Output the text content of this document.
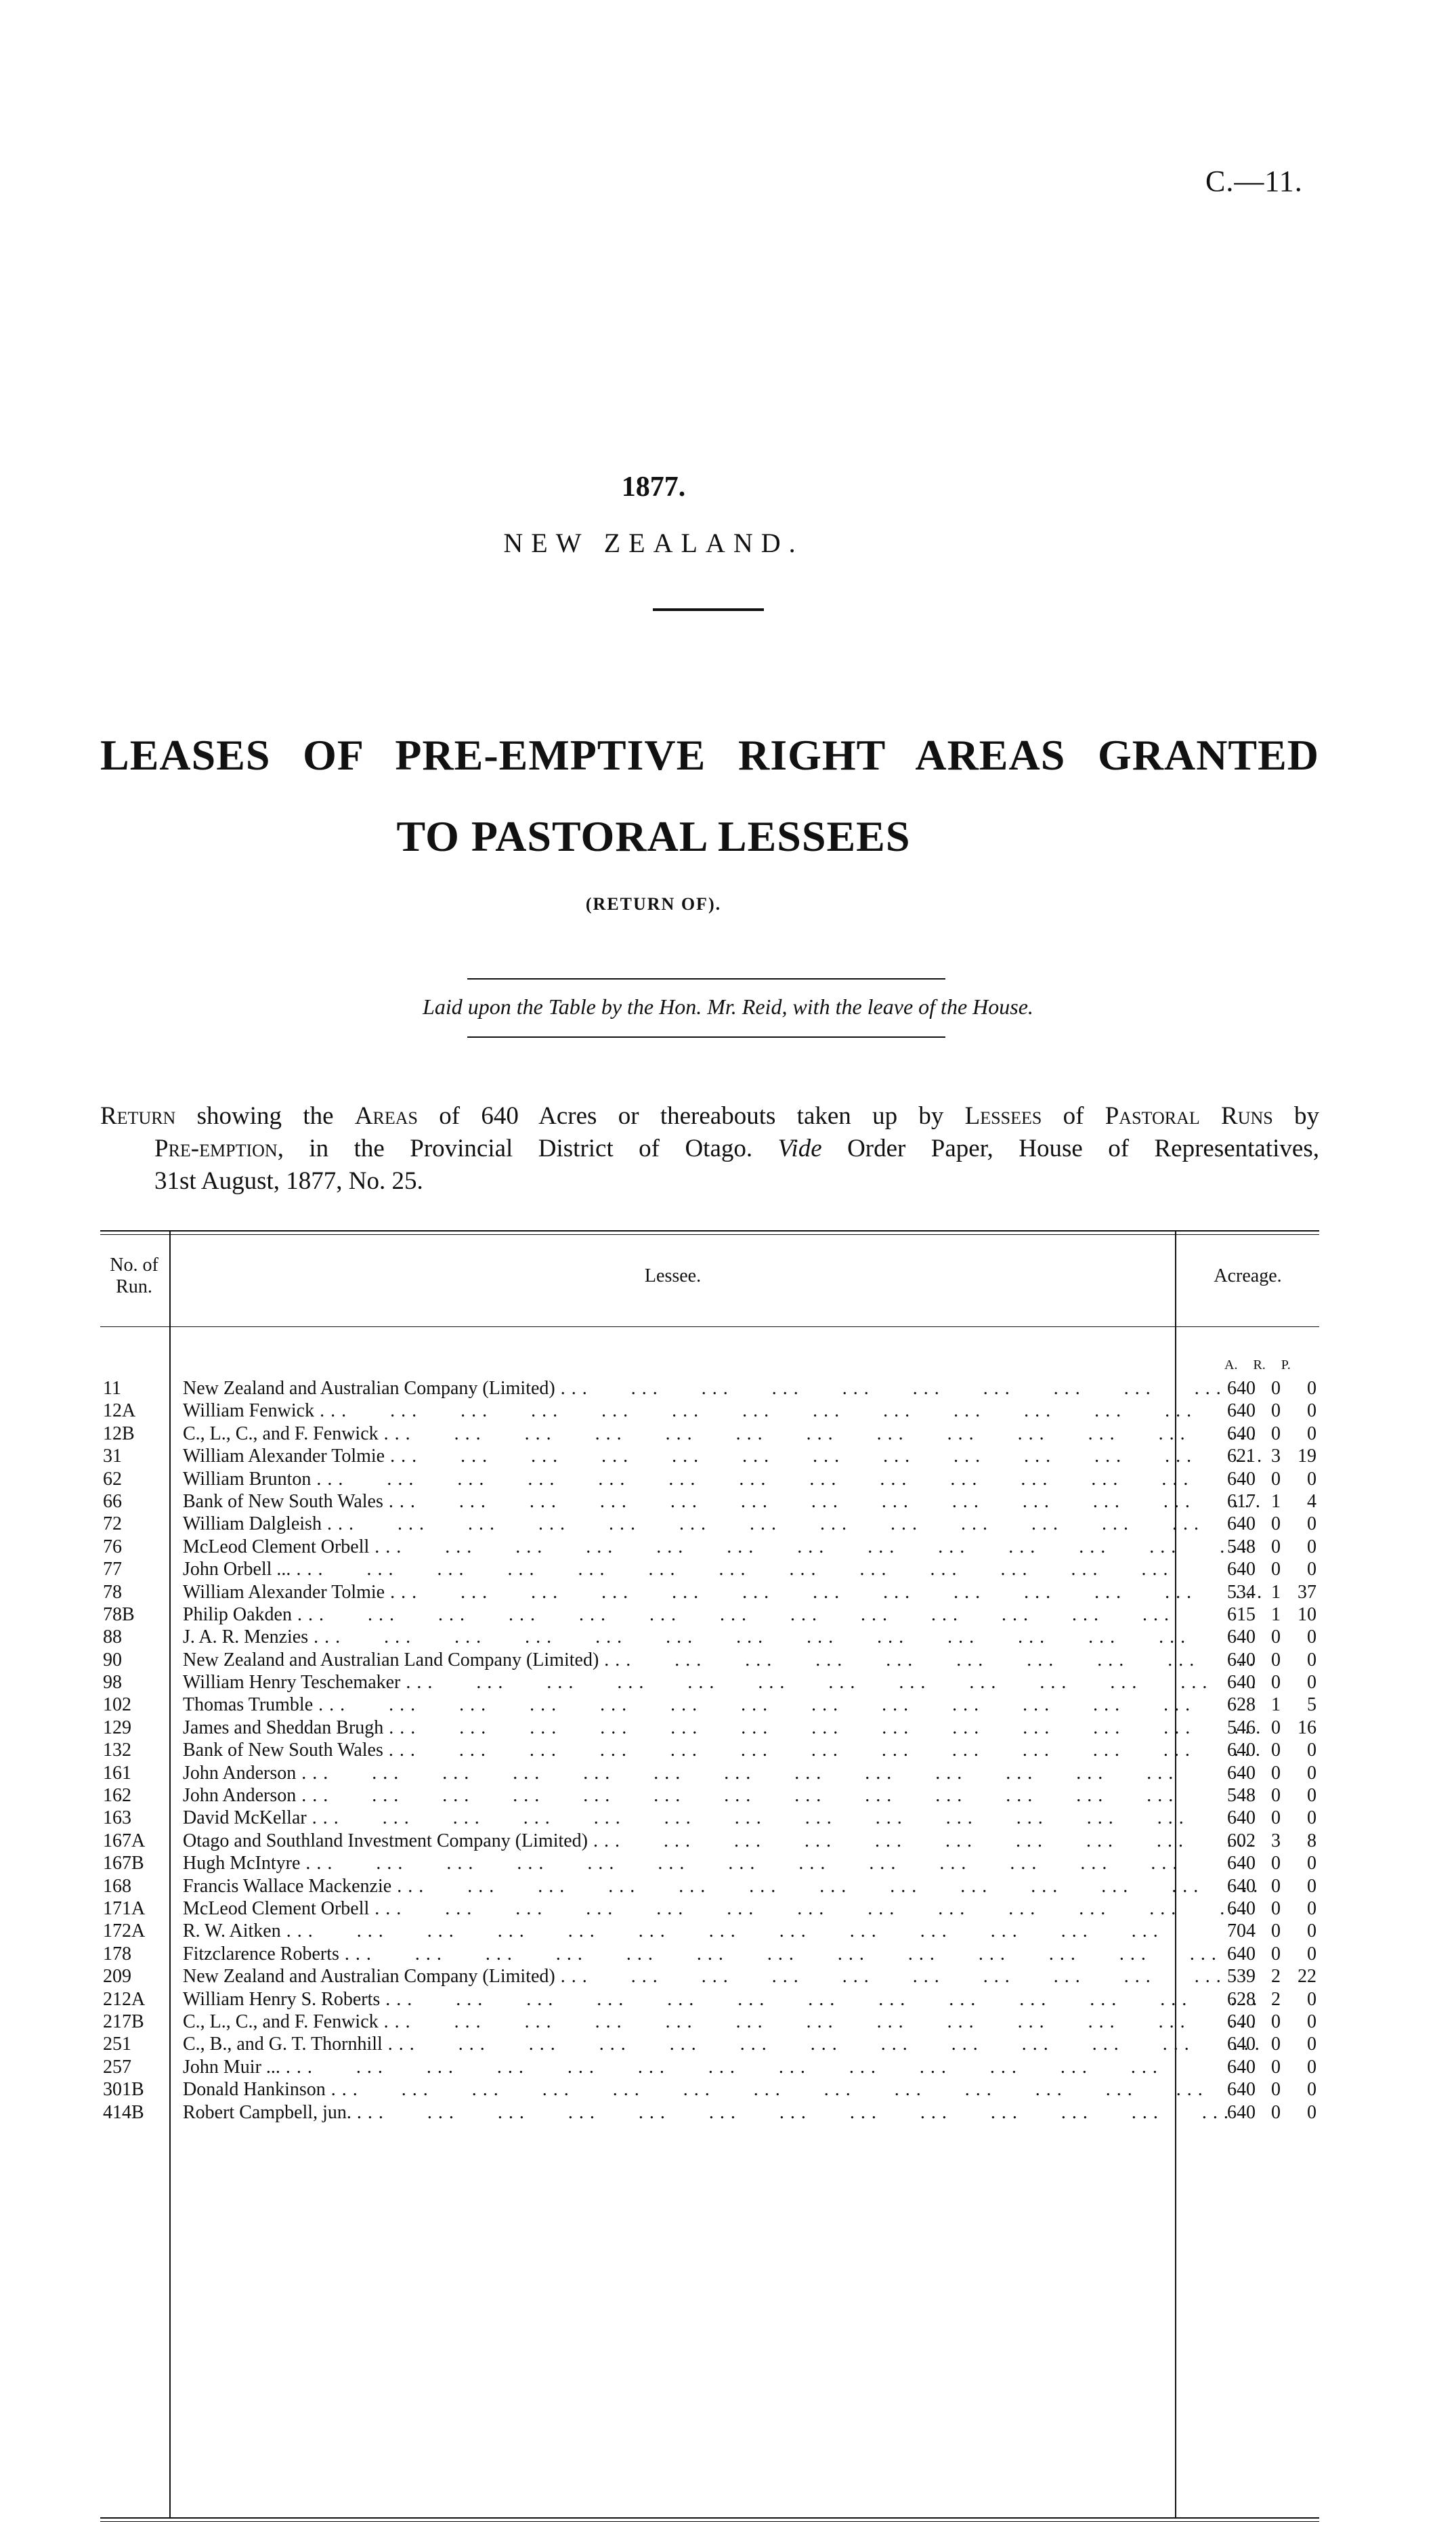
C.—11.
1877.
NEW ZEALAND.
LEASES OF PRE-EMPTIVE RIGHT AREAS GRANTED
TO PASTORAL LESSEES
(RETURN OF).
Laid upon the Table by the Hon. Mr. Reid, with the leave of the House.
Return showing the Areas of 640 Acres or thereabouts taken up by Lessees of Pastoral Runs by
Pre-emption, in the Provincial District of Otago. Vide Order Paper, House of Representatives,
31st August, 1877, No. 25.
No. of Run.
Lessee.	Acreage.
A. R. P.
11	New Zealand and Australian Company (Limited) . . .	640 0	0
12A	William Fenwick . . .	640 0	0
12B	C., L., C., and F. Fenwick . . .	640 0	0
31	William Alexander Tolmie . . .	621 3 19
62	William Brunton . . .	640 0	0
66	Bank of New South Wales . . .	617 1	4
72	William Dalgleish . . .	640 0	0
76	McLeod Clement Orbell . . .	548 0	0
77	John Orbell ... . . .	640 0	0
78	William Alexander Tolmie . . .	534 1 37
78B	Philip Oakden . . .	615 1 10
88	J. A. R. Menzies . . .	640 0	0
90	New Zealand and Australian Land Company (Limited) . . .	640 0	0
98	William Henry Teschemaker . . .	640 0	0
102	Thomas Trumble . . .	628 1	5
129	James and Sheddan Brugh . . .	546 0 16
132	Bank of New South Wales . . .	640 0	0
161	John Anderson . . .	640 0	0
162	John Anderson . . .	548 0	0
163	David McKellar . . .	640 0	0
167A	Otago and Southland Investment Company (Limited) . . .	602 3	8
167B	Hugh McIntyre . . .	640 0	0
168	Francis Wallace Mackenzie . . .	640 0	0
171A	McLeod Clement Orbell . . .	640 0	0
172A	R. W. Aitken . . .	704 0	0
178	Fitzclarence Roberts . . .	640 0	0
209	New Zealand and Australian Company (Limited) . . .	539 2 22
212A	William Henry S. Roberts . . .	628 2	0
217B	C., L., C., and F. Fenwick . . .	640 0	0
251	C., B., and G. T. Thornhill . . .	640 0	0
257	John Muir ... . . .	640 0	0
301B	Donald Hankinson . . .	640 0	0
414B	Robert Campbell, jun. . . .	640 0	0
